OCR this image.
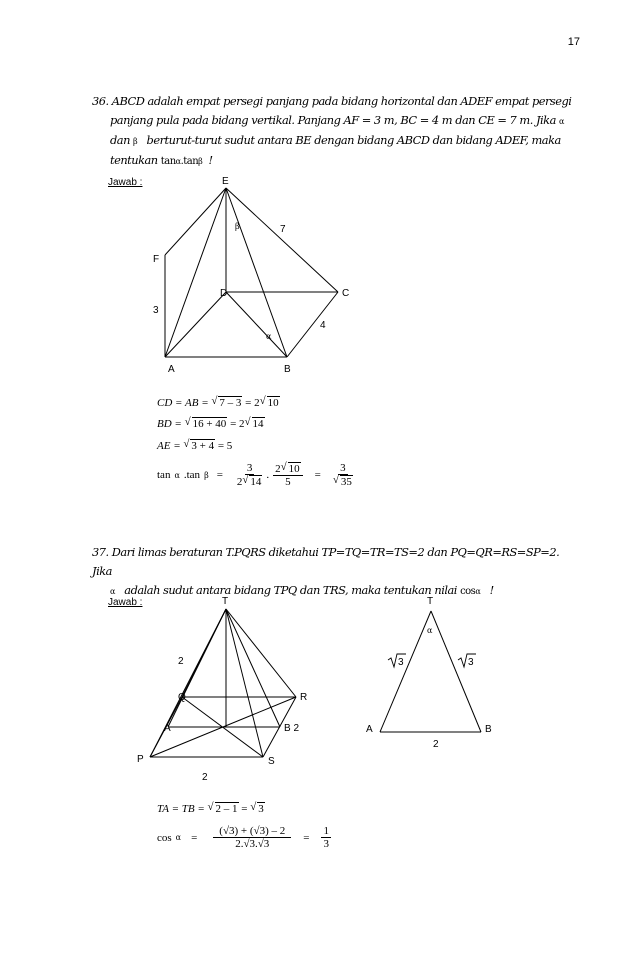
17

36. ABCD adalah empat persegi panjang pada bidang horizontal dan ADEF empat persegi

panjang pula pada bidang vertikal. Panjang AF = 3 m, BC = 4 m dan CE = 7 m. Jika α

dan β berturut-turut sudut antara BE dengan bidang ABCD dan bidang ADEF, maka

tentukan tanα.tanβ !

Jawab :	E
F
D	C
A	B
7
3
4
β
α
T
Q	R
A	B 2
P	S
2
2
T
α
A	B
2
3	3
CD = AB = √ 7 – 3 = 2 √ 10
BD = √ 16 + 40 = 2 √ 14
AE = √ 3 + 4 = 5
tan α .tan $\beta = \frac{3}{2 √ 14}$ . $\frac{2 √ 10}{5} = \frac{3}{√ 35}$

37. Dari limas beraturan T.PQRS diketahui TP=TQ=TR=TS=2 dan PQ=QR=RS=SP=2. Jika

α adalah sudut antara bidang TPQ dan TRS, maka tentukan nilai cosα !

Jawab :
TA = TB = √ 2 – 1 = √ 3
$\cos \alpha = \frac{(√3) + (√3) - 2}{2.√3.√3} = \frac{1}{3}$
